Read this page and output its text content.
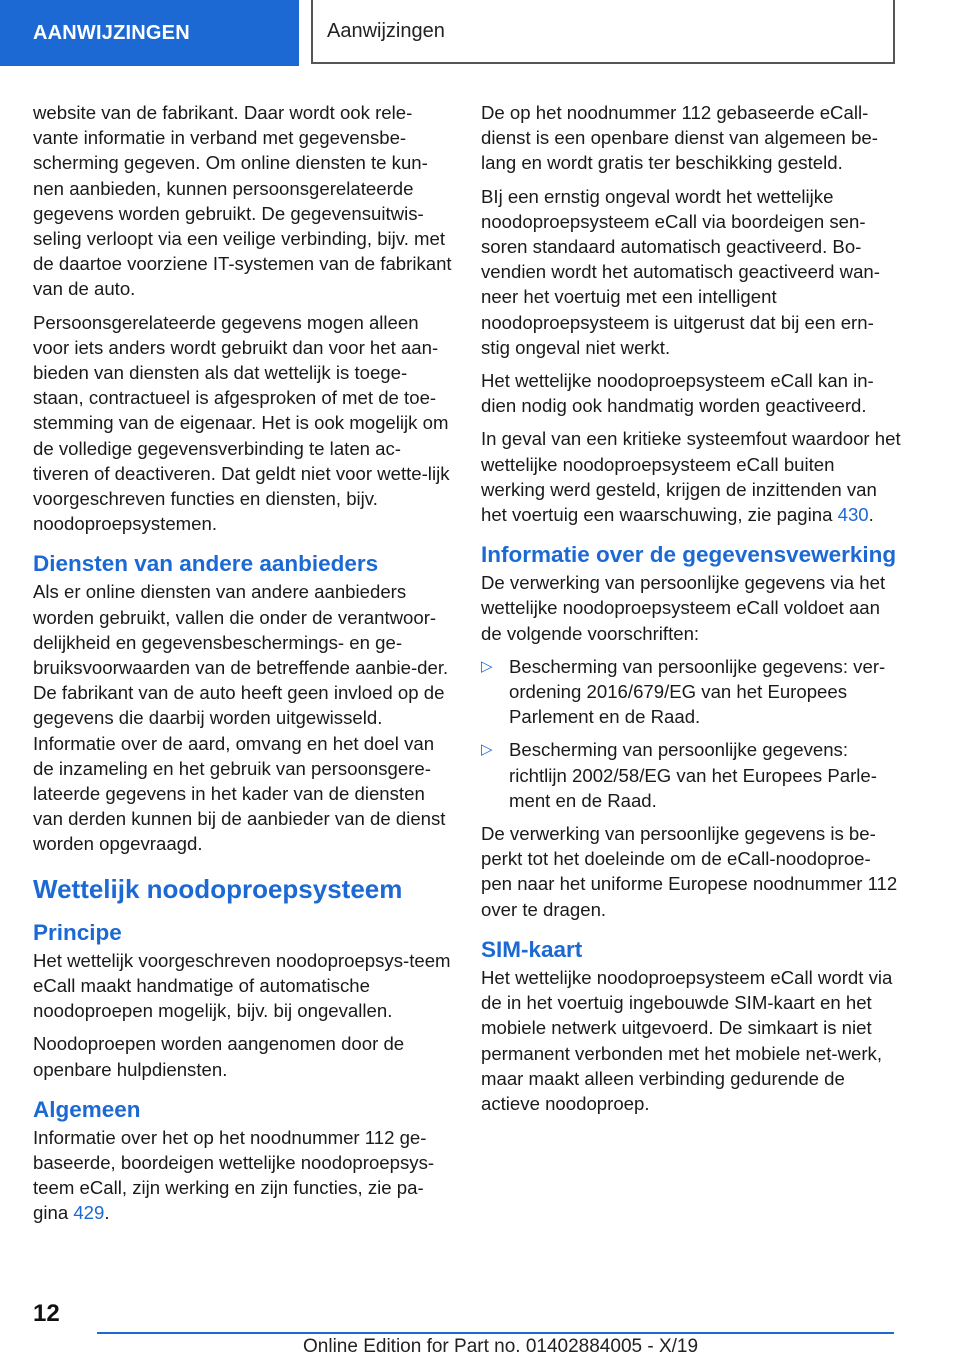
AANWIJZINGEN	Aanwijzingen

website van de fabrikant. Daar wordt ook rele-vante informatie in verband met gegevensbe-scherming gegeven. Om online diensten te kun-nen aanbieden, kunnen persoonsgerelateerde gegevens worden gebruikt. De gegevensuitwis-seling verloopt via een veilige verbinding, bijv. met de daartoe voorziene IT-systemen van de fabrikant van de auto.

Persoonsgerelateerde gegevens mogen alleen voor iets anders wordt gebruikt dan voor het aan-bieden van diensten als dat wettelijk is toege-staan, contractueel is afgesproken of met de toe-stemming van de eigenaar. Het is ook mogelijk om de volledige gegevensverbinding te laten ac-tiveren of deactiveren. Dat geldt niet voor wette-lijk voorgeschreven functies en diensten, bijv. noodoproepsystemen.

Diensten van andere aanbieders

Als er online diensten van andere aanbieders worden gebruikt, vallen die onder de verantwoor-delijkheid en gegevensbeschermings- en ge-bruiksvoorwaarden van de betreffende aanbie-der. De fabrikant van de auto heeft geen invloed op de gegevens die daarbij worden uitgewisseld. Informatie over de aard, omvang en het doel van de inzameling en het gebruik van persoonsgere-lateerde gegevens in het kader van de diensten van derden kunnen bij de aanbieder van de dienst worden opgevraagd.

Wettelijk noodoproepsysteem
Principe

Het wettelijk voorgeschreven noodoproepsys-teem eCall maakt handmatige of automatische noodoproepen mogelijk, bijv. bij ongevallen.

Noodoproepen worden aangenomen door de openbare hulpdiensten.

Algemeen

Informatie over het op het noodnummer 112 ge-baseerde, boordeigen wettelijke noodoproepsys-teem eCall, zijn werking en zijn functies, zie pa-gina 429.

De op het noodnummer 112 gebaseerde eCall-dienst is een openbare dienst van algemeen be-lang en wordt gratis ter beschikking gesteld.

BIj een ernstig ongeval wordt het wettelijke noodoproepsysteem eCall via boordeigen sen-soren standaard automatisch geactiveerd. Bo-vendien wordt het automatisch geactiveerd wan-neer het voertuig met een intelligent noodoproepsysteem is uitgerust dat bij een ern-stig ongeval niet werkt.

Het wettelijke noodoproepsysteem eCall kan in-dien nodig ook handmatig worden geactiveerd.

In geval van een kritieke systeemfout waardoor het wettelijke noodoproepsysteem eCall buiten werking werd gesteld, krijgen de inzittenden van het voertuig een waarschuwing, zie pagina 430.

Informatie over de gegevensvewerking

De verwerking van persoonlijke gegevens via het wettelijke noodoproepsysteem eCall voldoet aan de volgende voorschriften:

▷ Bescherming van persoonlijke gegevens: ver-ordening 2016/679/EG van het Europees Parlement en de Raad.
▷ Bescherming van persoonlijke gegevens: richtlijn 2002/58/EG van het Europees Parle-ment en de Raad.

De verwerking van persoonlijke gegevens is be-perkt tot het doeleinde om de eCall-noodoproe-pen naar het uniforme Europese noodnummer 112 over te dragen.

SIM-kaart

Het wettelijke noodoproepsysteem eCall wordt via de in het voertuig ingebouwde SIM-kaart en het mobiele netwerk uitgevoerd. De simkaart is niet permanent verbonden met het mobiele net-werk, maar maakt alleen verbinding gedurende de actieve noodoproep.

12
Online Edition for Part no. 01402884005 - X/19
